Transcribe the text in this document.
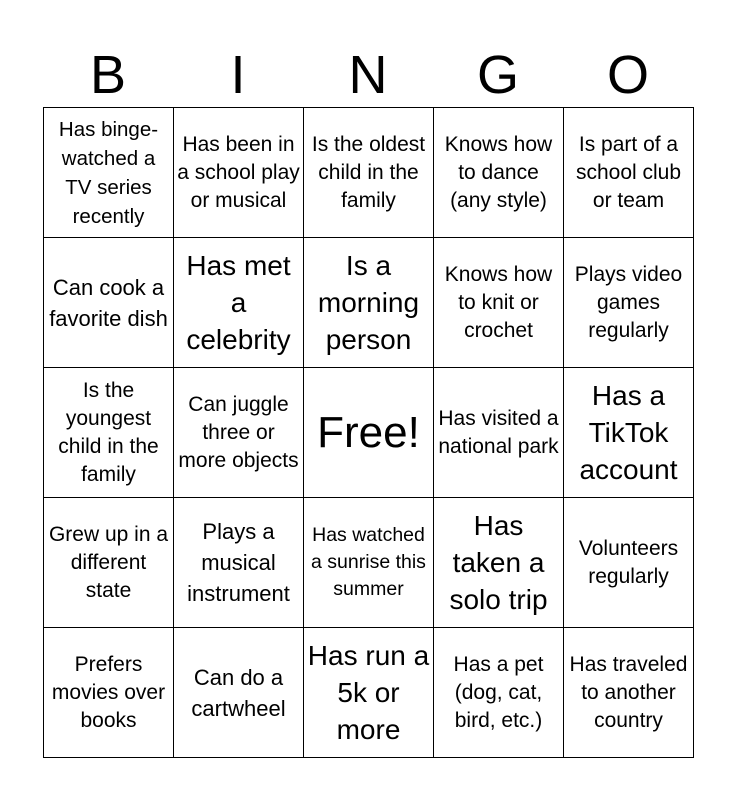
B	I	N	G	O
Has binge-watched a TV series recently	Has been in a school play or musical	Is the oldest child in the family	Knows how to dance (any style)	Is part of a school club or team
Can cook a favorite dish	Has met a celebrity	Is a morning person	Knows how to knit or crochet	Plays video games regularly
Is the youngest child in the family	Can juggle three or more objects	Free!	Has visited a national park	Has a TikTok account
Grew up in a different state	Plays a musical instrument	Has watched a sunrise this summer	Has taken a solo trip	Volunteers regularly
Prefers movies over books	Can do a cartwheel	Has run a 5k or more	Has a pet (dog, cat, bird, etc.)	Has traveled to another country
